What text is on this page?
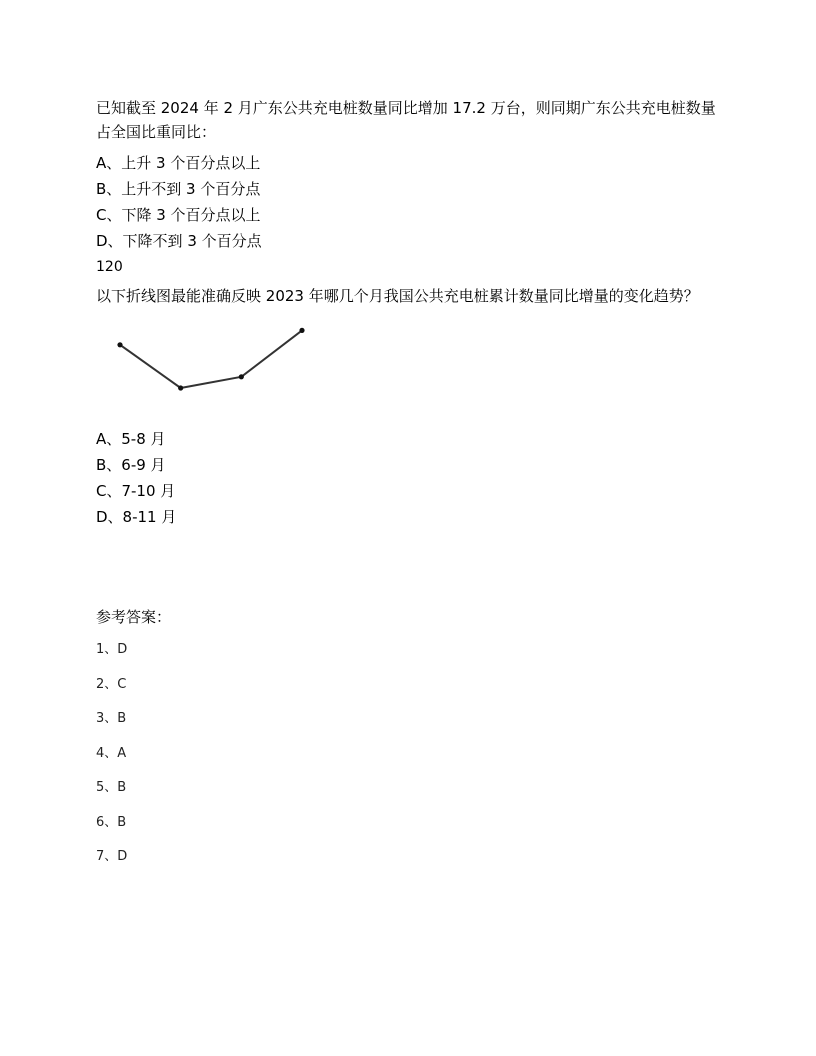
已知截至 2024 年 2 月广东公共充电桩数量同比增加 17.2 万台，则同期广东公共充电桩数量占全国比重同比：

A、上升 3 个百分点以上

B、上升不到 3 个百分点

C、下降 3 个百分点以上

D、下降不到 3 个百分点

120

以下折线图最能准确反映 2023 年哪几个月我国公共充电桩累计数量同比增量的变化趋势？

A、5-8 月

B、6-9 月

C、7-10 月

D、8-11 月

参考答案：
1、D
2、C
3、B
4、A
5、B
6、B
7、D
